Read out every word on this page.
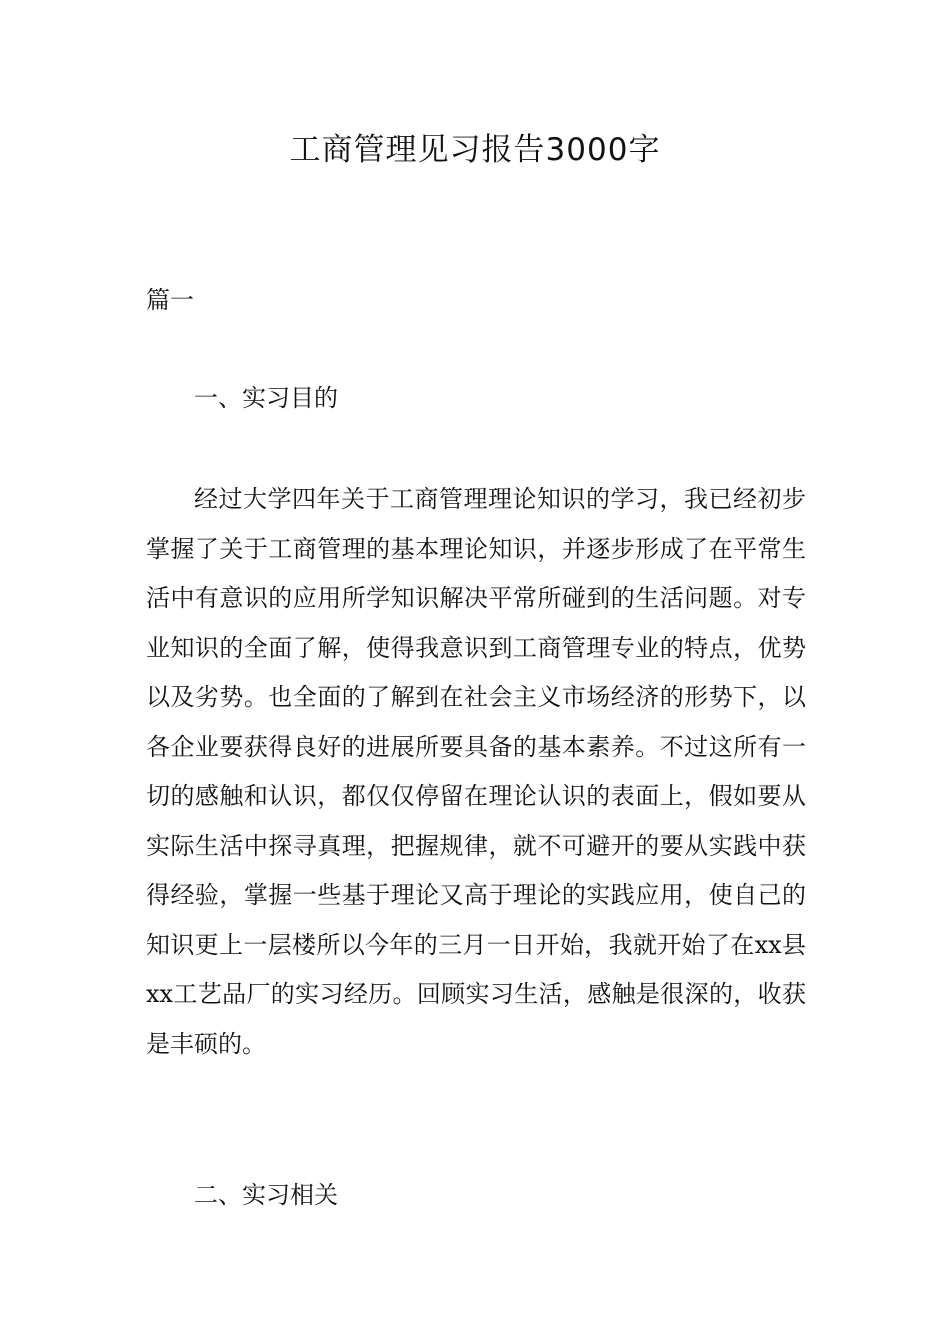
工商管理见习报告3000字
篇一
一、实习目的

经过大学四年关于工商管理理论知识的学习，我已经初步掌握了关于工商管理的基本理论知识，并逐步形成了在平常生活中有意识的应用所学知识解决平常所碰到的生活问题。对专业知识的全面了解，使得我意识到工商管理专业的特点，优势以及劣势。也全面的了解到在社会主义市场经济的形势下，以各企业要获得良好的进展所要具备的基本素养。不过这所有一切的感触和认识，都仅仅停留在理论认识的表面上，假如要从实际生活中探寻真理，把握规律，就不可避开的要从实践中获得经验，掌握一些基于理论又高于理论的实践应用，使自己的知识更上一层楼所以今年的三月一日开始，我就开始了在xx县xx工艺品厂的实习经历。回顾实习生活，感触是很深的，收获是丰硕的。

二、实习相关
